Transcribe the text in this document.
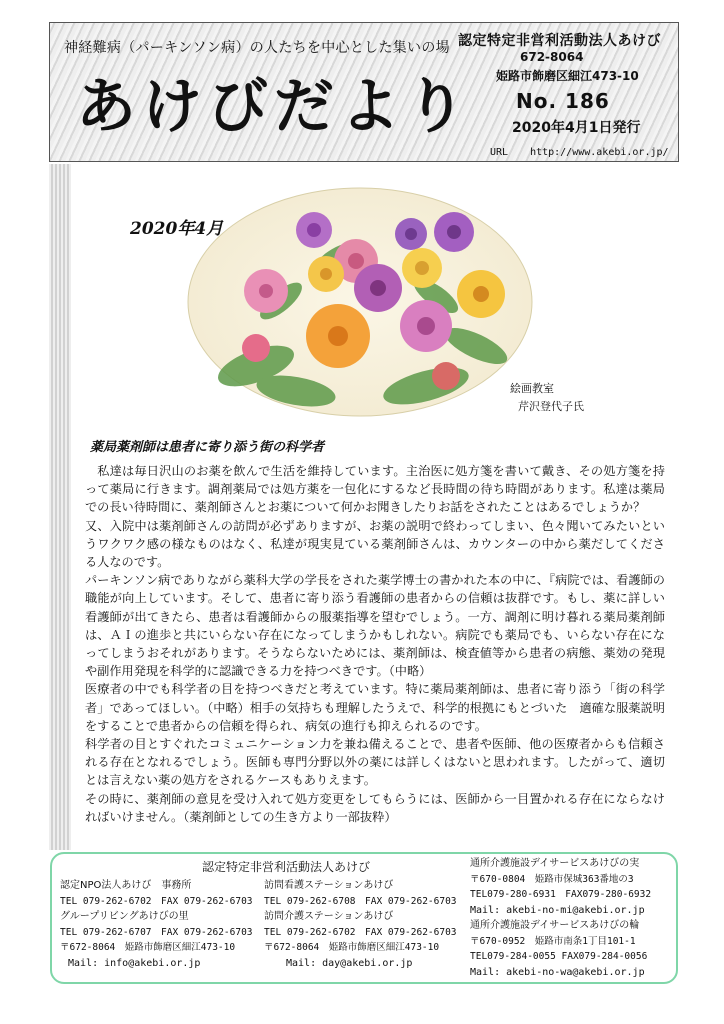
神経難病（パーキンソン病）の人たちを中心とした集いの場
あけびだより
認定特定非営利活動法人あけび
672-8064
姫路市飾磨区細江473-10
No. 186
2020年4月1日発行
URL http://www.akebi.or.jp/
2020年4月
絵画教室
芹沢登代子氏
薬局薬剤師は患者に寄り添う街の科学者

私達は毎日沢山のお薬を飲んで生活を維持しています。主治医に処方箋を書いて戴き、その処方箋を持って薬局に行きます。調剤薬局では処方薬を一包化にするなど長時間の待ち時間があります。私達は薬局での長い待時間に、薬剤師さんとお薬について何かお聞きしたりお話をされたことはあるでしょうか？

又、入院中は薬剤師さんの訪問が必ずありますが、お薬の説明で終わってしまい、色々聞いてみたいというワクワク感の様なものはなく、私達が現実見ている薬剤師さんは、カウンターの中から薬だしてくださる人なのです。

パーキンソン病でありながら薬科大学の学長をされた薬学博士の書かれた本の中に、『病院では、看護師の職能が向上しています。そして、患者に寄り添う看護師の患者からの信頼は抜群です。もし、薬に詳しい看護師が出てきたら、患者は看護師からの服薬指導を望むでしょう。一方、調剤に明け暮れる薬局薬剤師は、ＡＩの進歩と共にいらない存在になってしまうかもしれない。病院でも薬局でも、いらない存在になってしまうおそれがあります。そうならないためには、薬剤師は、検査値等から患者の病態、薬効の発現や副作用発現を科学的に認識できる力を持つべきです。（中略）

医療者の中でも科学者の目を持つべきだと考えています。特に薬局薬剤師は、患者に寄り添う「街の科学者」であってほしい。（中略）相手の気持ちも理解したうえで、科学的根拠にもとづいた　適確な服薬説明をすることで患者からの信頼を得られ、病気の進行も抑えられるのです。

科学者の目とすぐれたコミュニケーション力を兼ね備えることで、患者や医師、他の医療者からも信頼される存在となれるでしょう。医師も専門分野以外の薬には詳しくはないと思われます。したがって、適切とは言えない薬の処方をされるケースもありえます。

その時に、薬剤師の意見を受け入れて処方変更をしてもらうには、医師から一目置かれる存在にならなければいけません。（薬剤師としての生き方より一部抜粋）

認定特定非営利活動法人あけび
認定NPO法人あけび　事務所
TEL 079-262-6702　FAX 079-262-6703
グループリビングあけびの里
TEL 079-262-6707　FAX 079-262-6703
〒672-8064　姫路市飾磨区細江473-10
Mail: info@akebi.or.jp
訪問看護ステーションあけび
TEL 079-262-6708　FAX 079-262-6703
訪問介護ステーションあけび
TEL 079-262-6702　FAX 079-262-6703
〒672-8064　姫路市飾磨区細江473-10
Mail: day@akebi.or.jp
通所介護施設デイサービスあけびの実
〒670-0804　姫路市保城363番地の3
TEL079-280-6931　FAX079-280-6932
Mail: akebi-no-mi@akebi.or.jp
通所介護施設デイサービスあけびの輪
〒670-0952　姫路市南条1丁目101-1
TEL079-284-0055 FAX079-284-0056
Mail: akebi-no-wa@akebi.or.jp
